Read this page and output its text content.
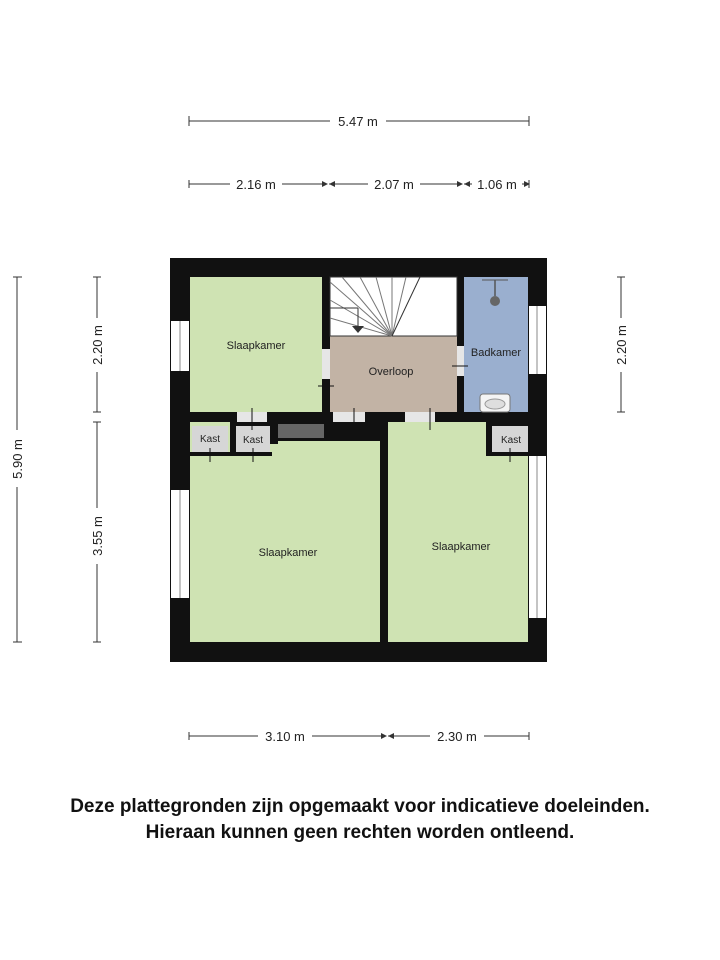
5.47 m
2.16 m	2.07 m	1.06 m
5.90 m
2.20 m
3.55 m
2.20 m
3.10 m	2.30 m
Slaapkamer
Overloop
Badkamer
Slaapkamer	Slaapkamer
Kast Kast	Kast
Deze plattegronden zijn opgemaakt voor indicatieve doeleinden.
Hieraan kunnen geen rechten worden ontleend.
